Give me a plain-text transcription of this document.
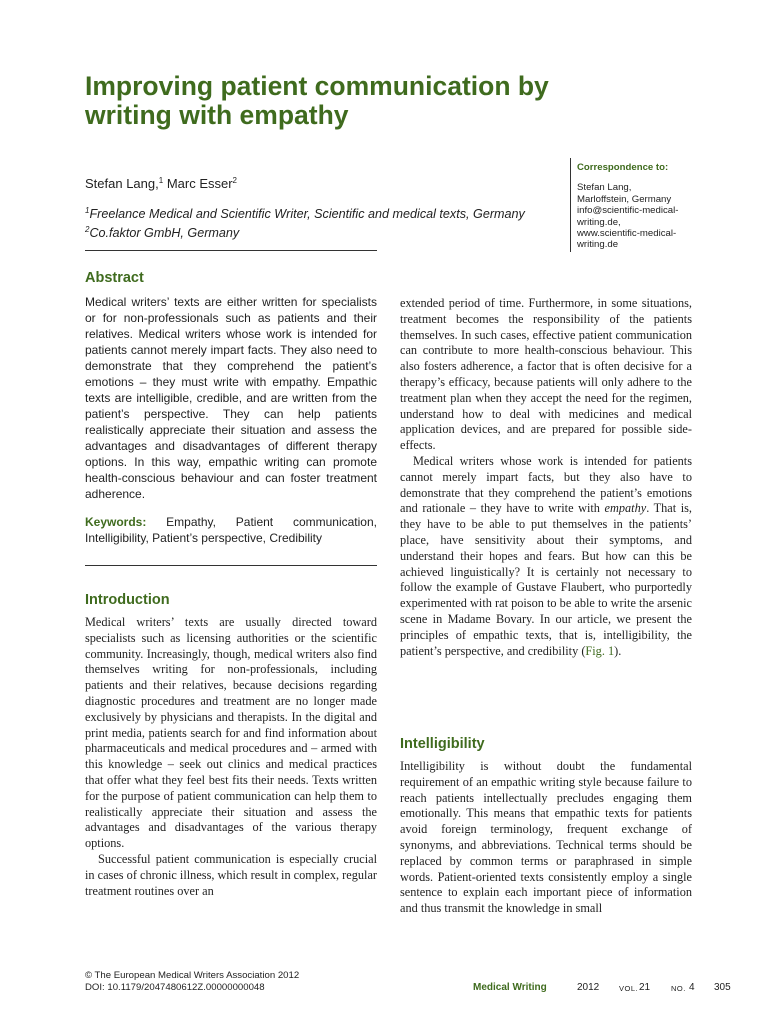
Improving patient communication by writing with empathy
Stefan Lang,$^1$ Marc Esser$^2$
$^1$Freelance Medical and Scientific Writer, Scientific and medical texts, Germany
$^2$Co.faktor GmbH, Germany
Correspondence to:
Stefan Lang,
Marloffstein, Germany
info@scientific-medical-
writing.de,
www.scientific-medical-
writing.de
Abstract

Medical writers’ texts are either written for specialists or for non-professionals such as patients and their relatives. Medical writers whose work is intended for patients cannot merely impart facts. They also need to demonstrate that they comprehend the patient’s emotions – they must write with empathy. Empathic texts are intelligible, credible, and are written from the patient’s perspective. They can help patients realistically appreciate their situation and assess the advantages and disadvantages of different therapy options. In this way, empathic writing can promote health-conscious behaviour and can foster treatment adherence.

Keywords: Empathy, Patient communication, Intelligibility, Patient’s perspective, Credibility

Introduction

Medical writers’ texts are usually directed toward specialists such as licensing authorities or the scientific community. Increasingly, though, medical writers also find themselves writing for non-professionals, including patients and their relatives, because decisions regarding diagnostic procedures and treatment are no longer made exclusively by physicians and therapists. In the digital and print media, patients search for and find information about pharmaceuticals and medical procedures and – armed with this knowledge – seek out clinics and medical practices that offer what they feel best fits their needs. Texts written for the purpose of patient communication can help them to realistically appreciate their situation and assess the advantages and disadvantages of the various therapy options.

Successful patient communication is especially crucial in cases of chronic illness, which result in complex, regular treatment routines over an

extended period of time. Furthermore, in some situations, treatment becomes the responsibility of the patients themselves. In such cases, effective patient communication can contribute to more health-conscious behaviour. This also fosters adherence, a factor that is often decisive for a therapy’s efficacy, because patients will only adhere to the treatment plan when they accept the need for the regimen, understand how to deal with medicines and medical application devices, and are prepared for possible side-effects.

Medical writers whose work is intended for patients cannot merely impart facts, but they also have to demonstrate that they comprehend the patient’s emotions and rationale – they have to write with empathy. That is, they have to be able to put themselves in the patients’ place, have sensitivity about their symptoms, and understand their hopes and fears. But how can this be achieved linguistically? It is certainly not necessary to follow the example of Gustave Flaubert, who purportedly experimented with rat poison to be able to write the arsenic scene in Madame Bovary. In our article, we present the principles of empathic texts, that is, intelligibility, the patient’s perspective, and credibility (Fig. 1).

Intelligibility

Intelligibility is without doubt the fundamental requirement of an empathic writing style because failure to reach patients intellectually precludes engaging them emotionally. This means that empathic texts for patients avoid foreign terminology, frequent exchange of synonyms, and abbreviations. Technical terms should be replaced by common terms or paraphrased in simple words. Patient-oriented texts consistently employ a single sentence to explain each important piece of information and thus transmit the knowledge in small

© The European Medical Writers Association 2012
DOI: 10.1179/2047480612Z.00000000048	Medical Writing	2012	VOL. 21	NO. 4 305
